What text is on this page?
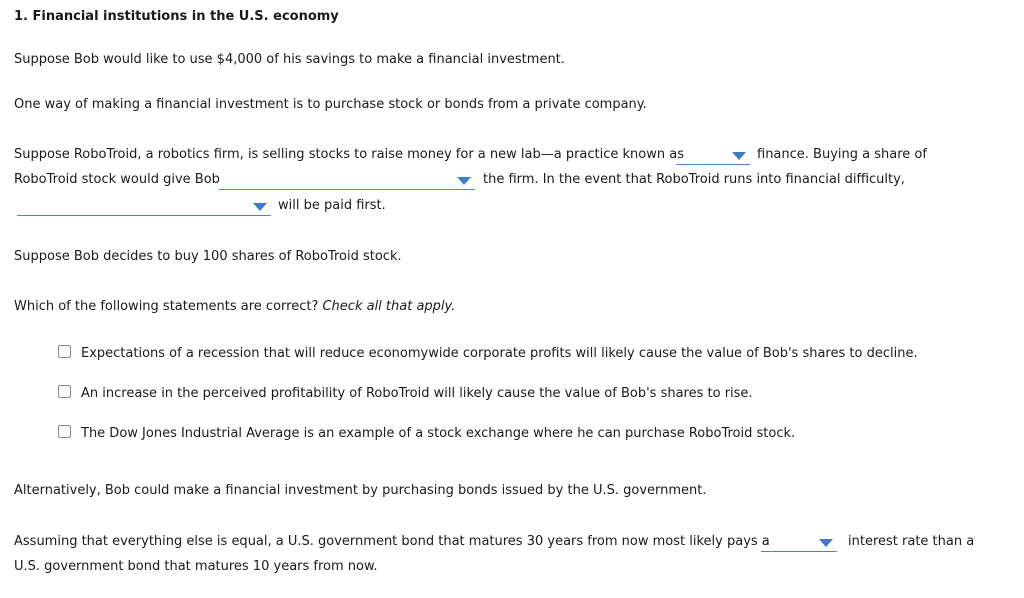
1. Financial institutions in the U.S. economy
Suppose Bob would like to use $4,000 of his savings to make a financial investment.
One way of making a financial investment is to purchase stock or bonds from a private company.
Suppose RoboTroid, a robotics firm, is selling stocks to raise money for a new lab—a practice known as	finance. Buying a share of
RoboTroid stock would give Bob	the firm. In the event that RoboTroid runs into financial difficulty,
will be paid first.
Suppose Bob decides to buy 100 shares of RoboTroid stock.
Which of the following statements are correct? Check all that apply.
Expectations of a recession that will reduce economywide corporate profits will likely cause the value of Bob's shares to decline.
An increase in the perceived profitability of RoboTroid will likely cause the value of Bob's shares to rise.
The Dow Jones Industrial Average is an example of a stock exchange where he can purchase RoboTroid stock.
Alternatively, Bob could make a financial investment by purchasing bonds issued by the U.S. government.
Assuming that everything else is equal, a U.S. government bond that matures 30 years from now most likely pays a	interest rate than a
U.S. government bond that matures 10 years from now.
